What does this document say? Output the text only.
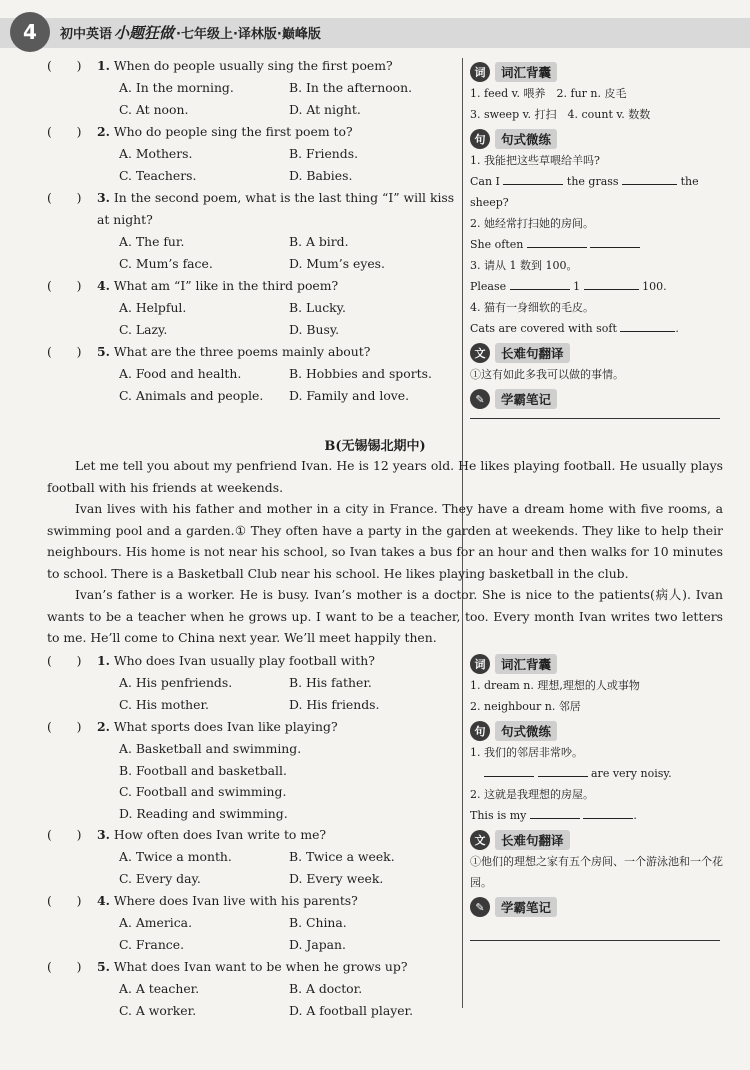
4	初中英语 小题狂做 ·七年级上·译林版·巅峰版
(　　) 1. When do people usually sing the first poem?
A. In the morning.	B. In the afternoon.
C. At noon.	D. At night.
(　　) 2. Who do people sing the first poem to?
A. Mothers.	B. Friends.
C. Teachers.	D. Babies.
(　　) 3. In the second poem, what is the last thing “I” will kiss at night?
A. The fur.	B. A bird.
C. Mum’s face.	D. Mum’s eyes.
(　　) 4. What am “I” like in the third poem?
A. Helpful.	B. Lucky.
C. Lazy.	D. Busy.
(　　) 5. What are the three poems mainly about?
A. Food and health.	B. Hobbies and sports.
C. Animals and people.	D. Family and love.
词	词汇背囊
1. feed v. 喂养　 2. fur n. 皮毛
3. sweep v. 打扫　 4. count v. 数数
句	句式微练
1. 我能把这些草喂给羊吗?
Can I	the grass	the sheep?
2. 她经常打扫她的房间。
She often
3. 请从 1 数到 100。
Please	1	100.
4. 猫有一身细软的毛皮。
Cats are covered with soft	.
文	长难句翻译
①这有如此多我可以做的事情。
✎	学霸笔记
B(无锡锡北期中)

Let me tell you about my penfriend Ivan. He is 12 years old. He likes playing football. He usually plays football with his friends at weekends.

Ivan lives with his father and mother in a city in France. They have a dream home with five rooms, a swimming pool and a garden.① They often have a party in the garden at weekends. They like to help their neighbours. His home is not near his school, so Ivan takes a bus for an hour and then walks for 10 minutes to school. There is a Basketball Club near his school. He likes playing basketball in the club.

Ivan’s father is a worker. He is busy. Ivan’s mother is a doctor. She is nice to the patients(病人). Ivan wants to be a teacher when he grows up. I want to be a teacher, too. Every month Ivan writes two letters to me. He’ll come to China next year. We’ll meet happily then.

(　　) 1. Who does Ivan usually play football with?
A. His penfriends.	B. His father.
C. His mother.	D. His friends.
(　　) 2. What sports does Ivan like playing?
A. Basketball and swimming.
B. Football and basketball.
C. Football and swimming.
D. Reading and swimming.
(　　) 3. How often does Ivan write to me?
A. Twice a month.	B. Twice a week.
C. Every day.	D. Every week.
(　　) 4. Where does Ivan live with his parents?
A. America.	B. China.
C. France.	D. Japan.
(　　) 5. What does Ivan want to be when he grows up?
A. A teacher.	B. A doctor.
C. A worker.	D. A football player.
词	词汇背囊
1. dream n. 理想,理想的人或事物
2. neighbour n. 邻居
句	句式微练
1. 我们的邻居非常吵。
are very noisy.
2. 这就是我理想的房屋。
This is my	.
文	长难句翻译
①他们的理想之家有五个房间、一个游泳池和一个花园。
✎	学霸笔记
